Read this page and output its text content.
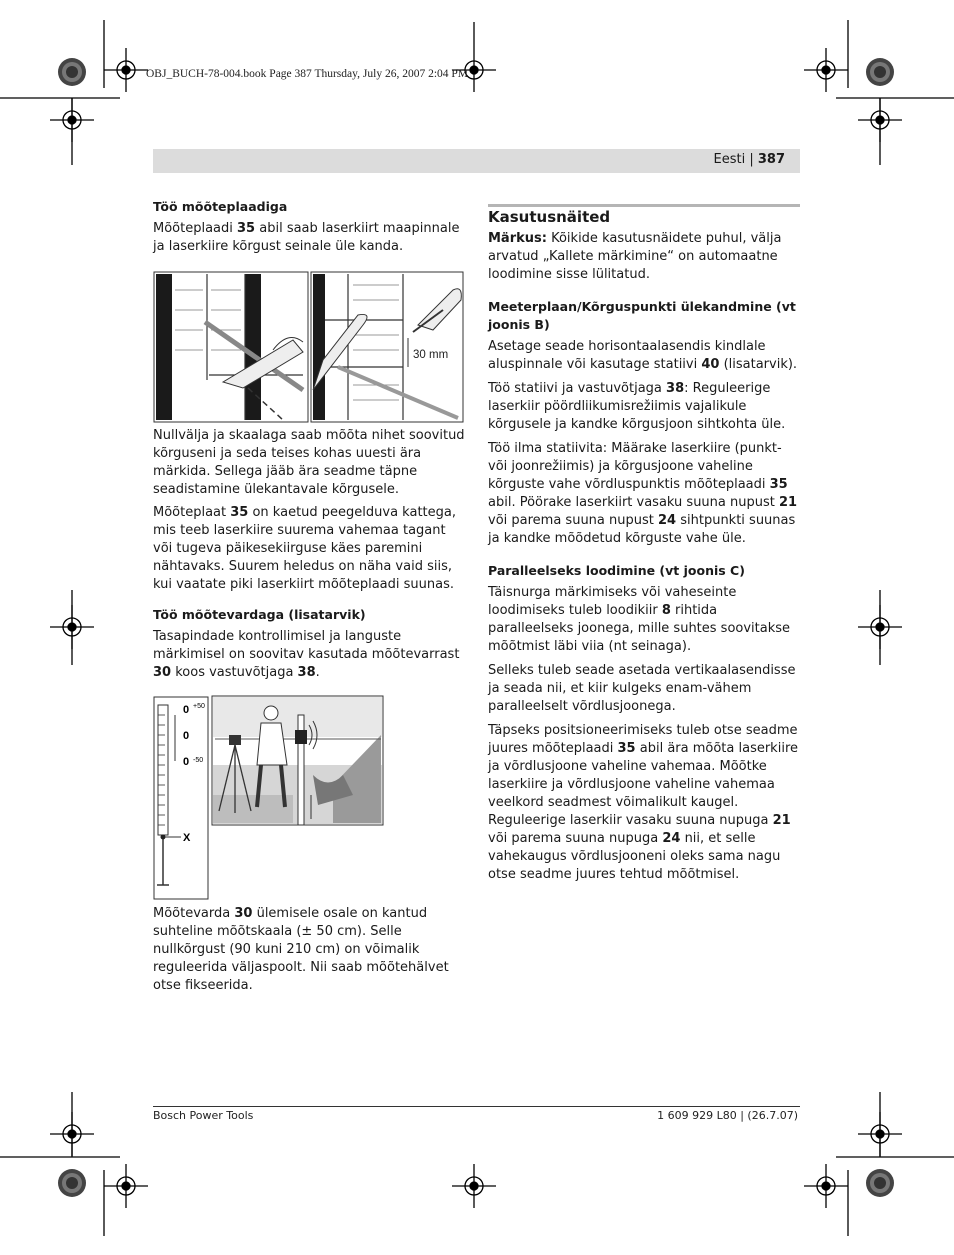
OBJ_BUCH-78-004.book Page 387 Thursday, July 26, 2007 2:04 PM
Eesti | 387
Töö mõõteplaadiga

Mõõteplaadi 35 abil saab laserkiirt maapinnale ja laserkiire kõrgust seinale üle kanda.

30 mm

Nullvälja ja skaalaga saab mõõta nihet soovitud kõrguseni ja seda teises kohas uuesti ära märkida. Sellega jääb ära seadme täpne seadistamine ülekantavale kõrgusele.

Mõõteplaat 35 on kaetud peegelduva kattega, mis teeb laserkiire suurema vahemaa tagant või tugeva päikesekiirguse käes paremini nähtavaks. Suurem heledus on näha vaid siis, kui vaatate piki laserkiirt mõõteplaadi suunas.

Töö mõõtevardaga (lisatarvik)

Tasapindade kontrollimisel ja languste märkimisel on soovitav kasutada mõõtevarrast 30 koos vastuvõtjaga 38.

0 +50
0
0 -50
X

Mõõtevarda 30 ülemisele osale on kantud suhteline mõõtskaala (± 50 cm). Selle nullkõrgust (90 kuni 210 cm) on võimalik reguleerida väljaspoolt. Nii saab mõõtehälvet otse fikseerida.

Kasutusnäited

Märkus: Kõikide kasutusnäidete puhul, välja arvatud „Kallete märkimine“ on automaatne loodimine sisse lülitatud.

Meeterplaan/Kõrguspunkti ülekandmine (vt joonis B)

Asetage seade horisontaalasendis kindlale aluspinnale või kasutage statiivi 40 (lisatarvik).

Töö statiivi ja vastuvõtjaga 38: Reguleerige laserkiir pöördliikumisrežiimis vajalikule kõrgusele ja kandke kõrgusjoon sihtkohta üle.

Töö ilma statiivita: Määrake laserkiire (punkt- või joonrežiimis) ja kõrgusjoone vaheline kõrguste vahe võrdluspunktis mõõteplaadi 35 abil. Pöörake laserkiirt vasaku suuna nupust 21 või parema suuna nupust 24 sihtpunkti suunas ja kandke mõõdetud kõrguste vahe üle.

Paralleelseks loodimine (vt joonis C)

Täisnurga märkimiseks või vaheseinte loodimiseks tuleb loodikiir 8 rihtida paralleelseks joonega, mille suhtes soovitakse mõõtmist läbi viia (nt seinaga).

Selleks tuleb seade asetada vertikaalasendisse ja seada nii, et kiir kulgeks enam-vähem paralleelselt võrdlusjoonega.

Täpseks positsioneerimiseks tuleb otse seadme juures mõõteplaadi 35 abil ära mõõta laserkiire ja võrdlusjoone vaheline vahemaa. Mõõtke laserkiire ja võrdlusjoone vaheline vahemaa veelkord seadmest võimalikult kaugel. Reguleerige laserkiir vasaku suuna nupuga 21 või parema suuna nupuga 24 nii, et selle vahekaugus võrdlusjooneni oleks sama nagu otse seadme juures tehtud mõõtmisel.

Bosch Power Tools	1 609 929 L80 | (26.7.07)
